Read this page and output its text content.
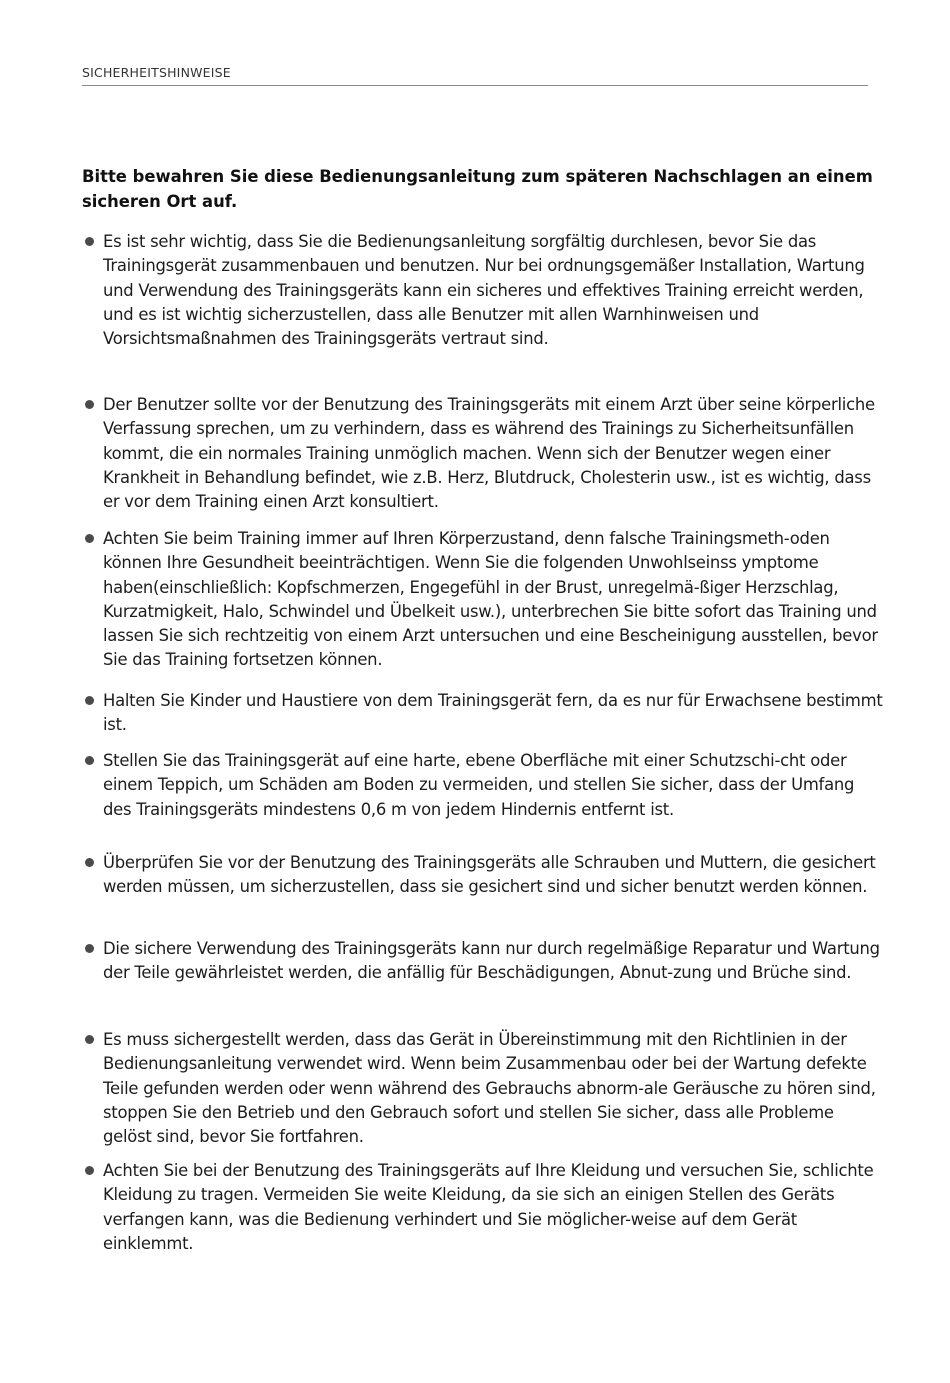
SICHERHEITSHINWEISE
Bitte bewahren Sie diese Bedienungsanleitung zum späteren Nachschlagen an einem sicheren Ort auf.
Es ist sehr wichtig, dass Sie die Bedienungsanleitung sorgfältig durchlesen, bevor Sie das Trainingsgerät zusammenbauen und benutzen. Nur bei ordnungsgemäßer Installation, Wartung und Verwendung des Trainingsgeräts kann ein sicheres und effektives Training erreicht werden, und es ist wichtig sicherzustellen, dass alle Benutzer mit allen Warnhinweisen und Vorsichtsmaßnahmen des Trainingsgeräts vertraut sind.
Der Benutzer sollte vor der Benutzung des Trainingsgeräts mit einem Arzt über seine körperliche Verfassung sprechen, um zu verhindern, dass es während des Trainings zu Sicherheitsunfällen kommt, die ein normales Training unmöglich machen. Wenn sich der Benutzer wegen einer Krankheit in Behandlung befindet, wie z.B. Herz, Blutdruck, Cholesterin usw., ist es wichtig, dass er vor dem Training einen Arzt konsultiert.
Achten Sie beim Training immer auf Ihren Körperzustand, denn falsche Trainingsmeth-oden können Ihre Gesundheit beeinträchtigen. Wenn Sie die folgenden Unwohlseinss ymptome haben(einschließlich: Kopfschmerzen, Engegefühl in der Brust, unregelmä-ßiger Herzschlag, Kurzatmigkeit, Halo, Schwindel und Übelkeit usw.), unterbrechen Sie bitte sofort das Training und lassen Sie sich rechtzeitig von einem Arzt untersuchen und eine Bescheinigung ausstellen, bevor Sie das Training fortsetzen können.
Halten Sie Kinder und Haustiere von dem Trainingsgerät fern, da es nur für Erwachsene bestimmt ist.
Stellen Sie das Trainingsgerät auf eine harte, ebene Oberfläche mit einer Schutzschi-cht oder einem Teppich, um Schäden am Boden zu vermeiden, und stellen Sie sicher, dass der Umfang des Trainingsgeräts mindestens 0,6 m von jedem Hindernis entfernt ist.
Überprüfen Sie vor der Benutzung des Trainingsgeräts alle Schrauben und Muttern, die gesichert werden müssen, um sicherzustellen, dass sie gesichert sind und sicher benutzt werden können.
Die sichere Verwendung des Trainingsgeräts kann nur durch regelmäßige Reparatur und Wartung der Teile gewährleistet werden, die anfällig für Beschädigungen, Abnut-zung und Brüche sind.
Es muss sichergestellt werden, dass das Gerät in Übereinstimmung mit den Richtlinien in der Bedienungsanleitung verwendet wird. Wenn beim Zusammenbau oder bei der Wartung defekte Teile gefunden werden oder wenn während des Gebrauchs abnorm-ale Geräusche zu hören sind, stoppen Sie den Betrieb und den Gebrauch sofort und stellen Sie sicher, dass alle Probleme gelöst sind, bevor Sie fortfahren.
Achten Sie bei der Benutzung des Trainingsgeräts auf Ihre Kleidung und versuchen Sie, schlichte Kleidung zu tragen. Vermeiden Sie weite Kleidung, da sie sich an einigen Stellen des Geräts verfangen kann, was die Bedienung verhindert und Sie möglicher-weise auf dem Gerät einklemmt.
